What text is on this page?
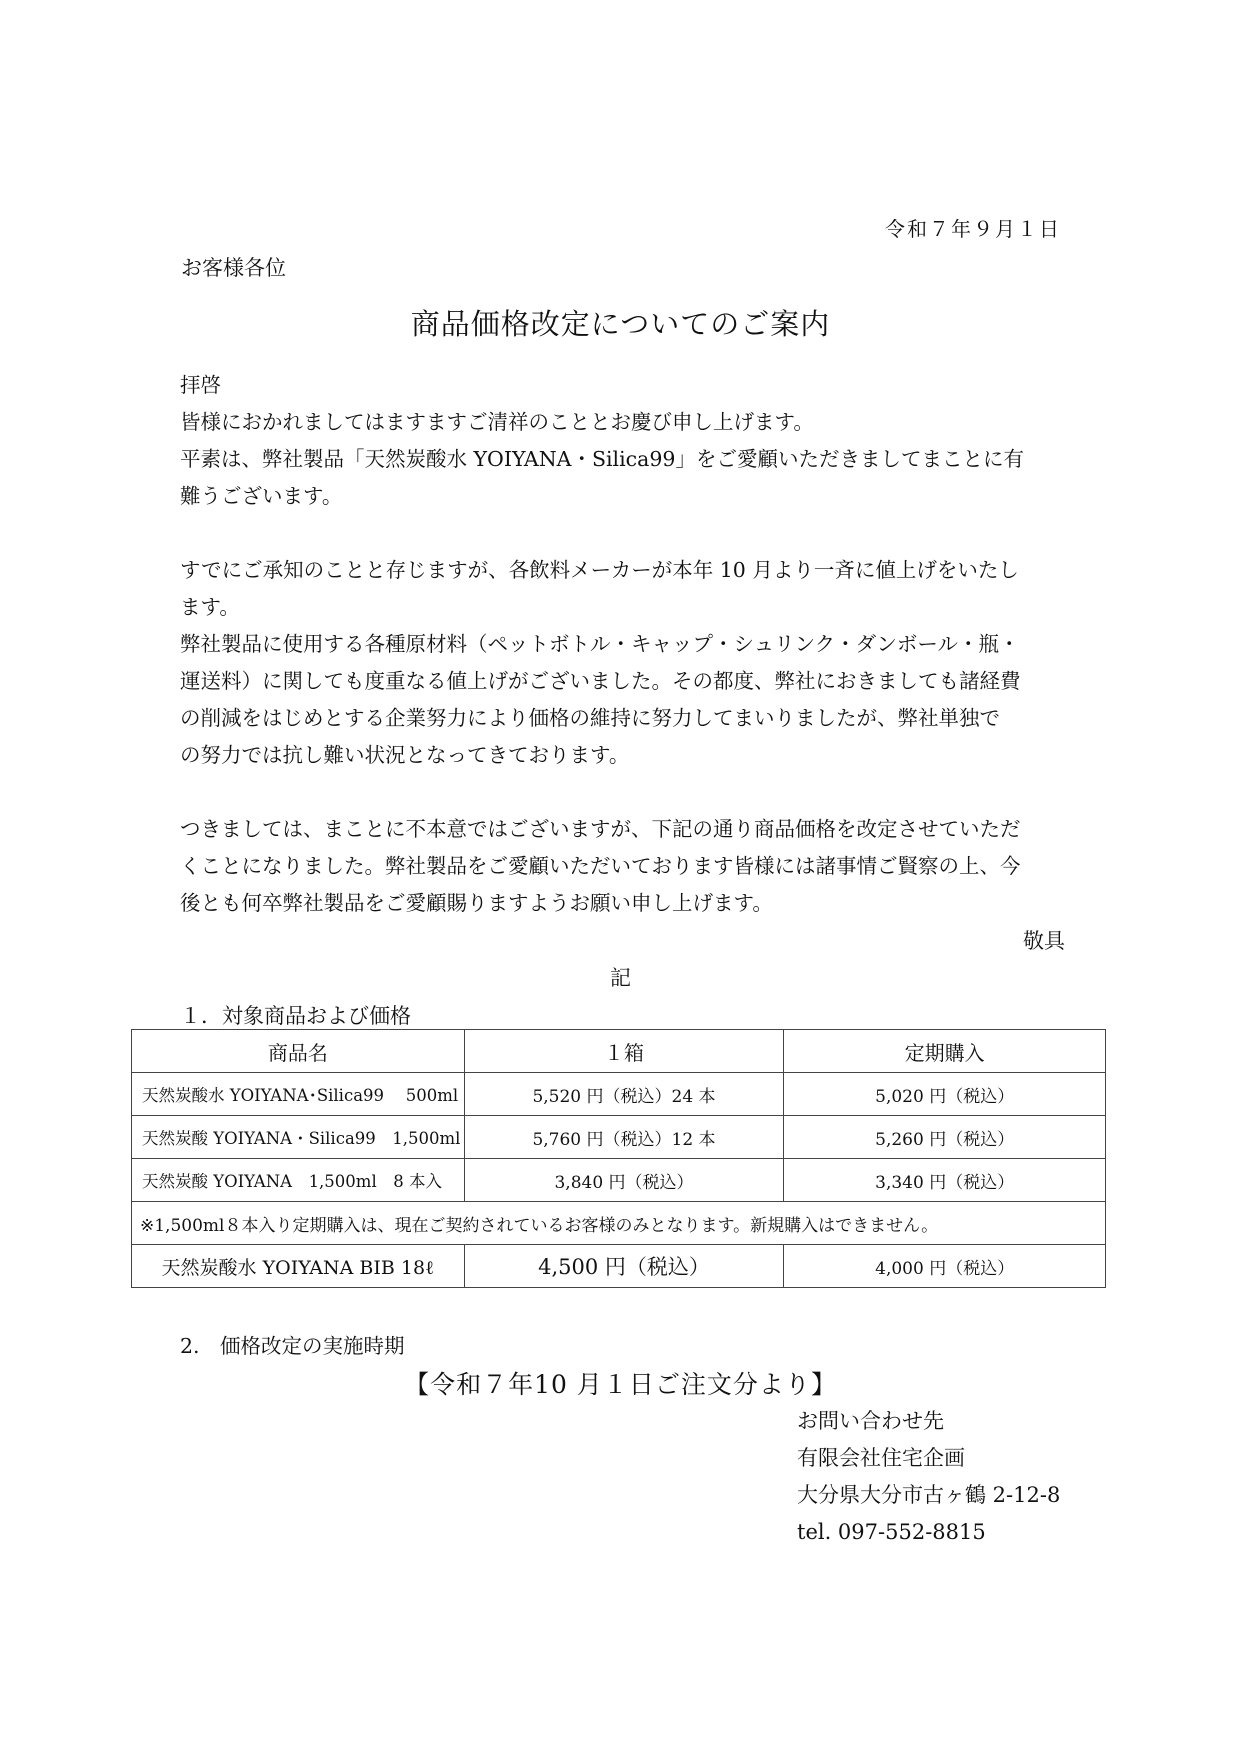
令和７年９月１日
お客様各位
商品価格改定についてのご案内

拝啓

皆様におかれましてはますますご清祥のこととお慶び申し上げます。

平素は、弊社製品「天然炭酸水 YOIYANA・Silica99」をご愛顧いただきましてまことに有

難うございます。

すでにご承知のことと存じますが、各飲料メーカーが本年 10 月より一斉に値上げをいたし

ます。

弊社製品に使用する各種原材料（ペットボトル・キャップ・シュリンク・ダンボール・瓶・

運送料）に関しても度重なる値上げがございました。その都度、弊社におきましても諸経費

の削減をはじめとする企業努力により価格の維持に努力してまいりましたが、弊社単独で

の努力では抗し難い状況となってきております。

つきましては、まことに不本意ではございますが、下記の通り商品価格を改定させていただ

くことになりました。弊社製品をご愛顧いただいております皆様には諸事情ご賢察の上、今

後とも何卒弊社製品をご愛顧賜りますようお願い申し上げます。

敬具
記
１．対象商品および価格
商品名	１箱	定期購入
天然炭酸水 YOIYANA･Silica99　 500ml	5,520 円（税込）24 本	5,020 円（税込）
天然炭酸 YOIYANA・Silica99　1,500ml	5,760 円（税込）12 本	5,260 円（税込）
天然炭酸 YOIYANA　1,500ml　8 本入	3,840 円（税込）	3,340 円（税込）
※1,500ml８本入り定期購入は、現在ご契約されているお客様のみとなります。新規購入はできません。		
天然炭酸水 YOIYANA BIB 18ℓ	4,500 円（税込）	4,000 円（税込）
2.　価格改定の実施時期
【令和７年10 月１日ご注文分より】
お問い合わせ先
有限会社住宅企画
大分県大分市古ヶ鶴 2-12-8
tel. 097-552-8815
